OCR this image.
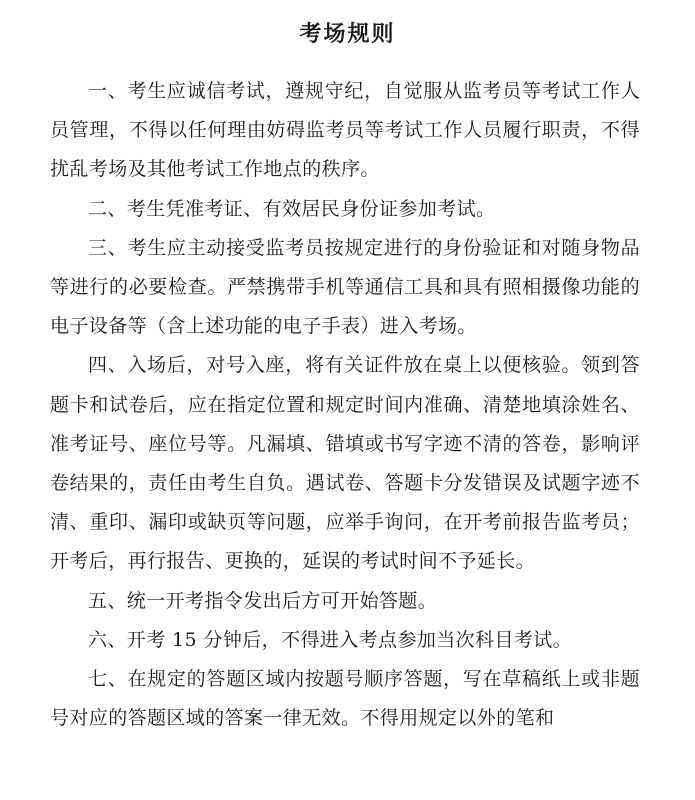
考场规则

一、考生应诚信考试，遵规守纪，自觉服从监考员等考试工作人员管理，不得以任何理由妨碍监考员等考试工作人员履行职责，不得扰乱考场及其他考试工作地点的秩序。

二、考生凭准考证、有效居民身份证参加考试。

三、考生应主动接受监考员按规定进行的身份验证和对随身物品等进行的必要检查。严禁携带手机等通信工具和具有照相摄像功能的电子设备等（含上述功能的电子手表）进入考场。

四、入场后，对号入座，将有关证件放在桌上以便核验。领到答题卡和试卷后，应在指定位置和规定时间内准确、清楚地填涂姓名、准考证号、座位号等。凡漏填、错填或书写字迹不清的答卷，影响评卷结果的，责任由考生自负。遇试卷、答题卡分发错误及试题字迹不清、重印、漏印或缺页等问题，应举手询问，在开考前报告监考员；开考后，再行报告、更换的，延误的考试时间不予延长。

五、统一开考指令发出后方可开始答题。

六、开考 15 分钟后，不得进入考点参加当次科目考试。

七、在规定的答题区域内按题号顺序答题，写在草稿纸上或非题号对应的答题区域的答案一律无效。不得用规定以外的笔和
